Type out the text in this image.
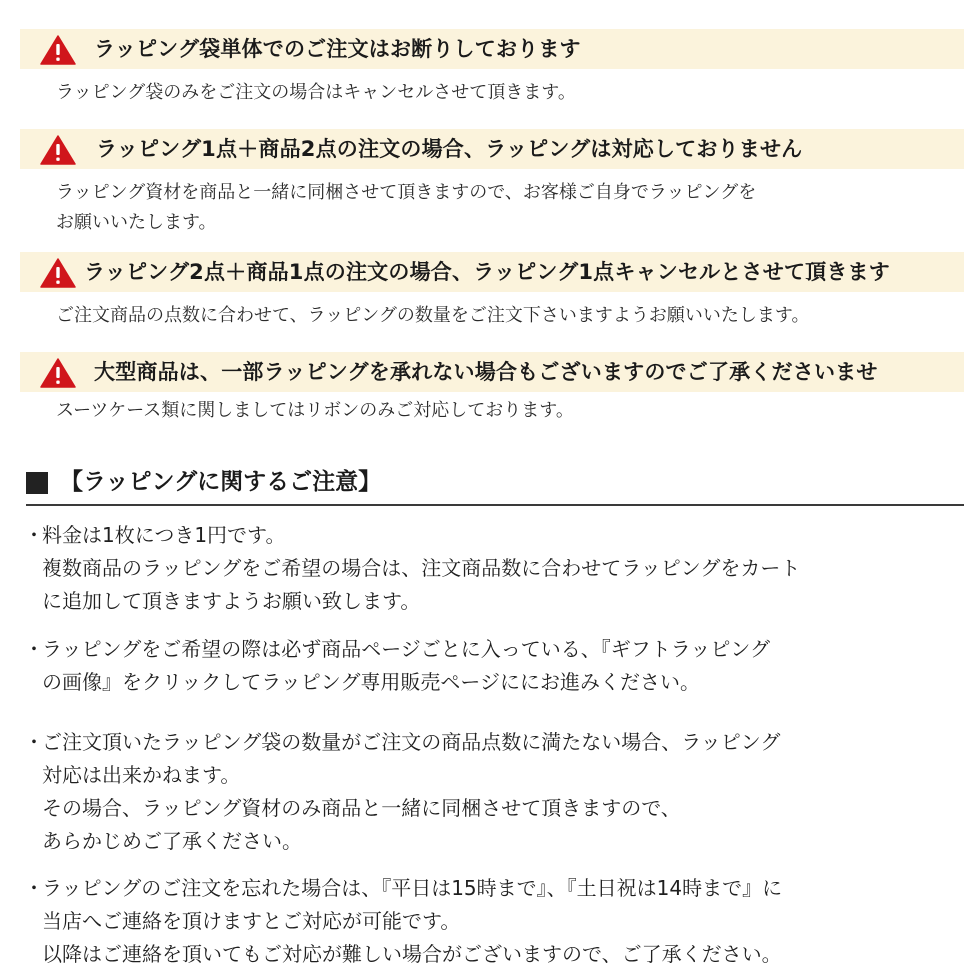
ラッピング袋単体でのご注文はお断りしております

ラッピング袋のみをご注文の場合はキャンセルさせて頂きます。

ラッピング1点＋商品2点の注文の場合、ラッピングは対応しておりません

ラッピング資材を商品と一緒に同梱させて頂きますので、お客様ご自身でラッピングを
お願いいたします。

ラッピング2点＋商品1点の注文の場合、ラッピング1点キャンセルとさせて頂きます

ご注文商品の点数に合わせて、ラッピングの数量をご注文下さいますようお願いいたします。

大型商品は、一部ラッピングを承れない場合もございますのでご了承くださいませ

スーツケース類に関しましてはリボンのみご対応しております。

【ラッピングに関するご注意】
・
料金は1枚につき1円です。
複数商品のラッピングをご希望の場合は、注文商品数に合わせてラッピングをカート
に追加して頂きますようお願い致します。
・
ラッピングをご希望の際は必ず商品ページごとに入っている、『ギフトラッピング
の画像』をクリックしてラッピング専用販売ページににお進みください。
・
ご注文頂いたラッピング袋の数量がご注文の商品点数に満たない場合、ラッピング
対応は出来かねます。
その場合、ラッピング資材のみ商品と一緒に同梱させて頂きますので、
あらかじめご了承ください。
・
ラッピングのご注文を忘れた場合は、『平日は15時まで』、『土日祝は14時まで』に
当店へご連絡を頂けますとご対応が可能です。
以降はご連絡を頂いてもご対応が難しい場合がございますので、ご了承ください。
